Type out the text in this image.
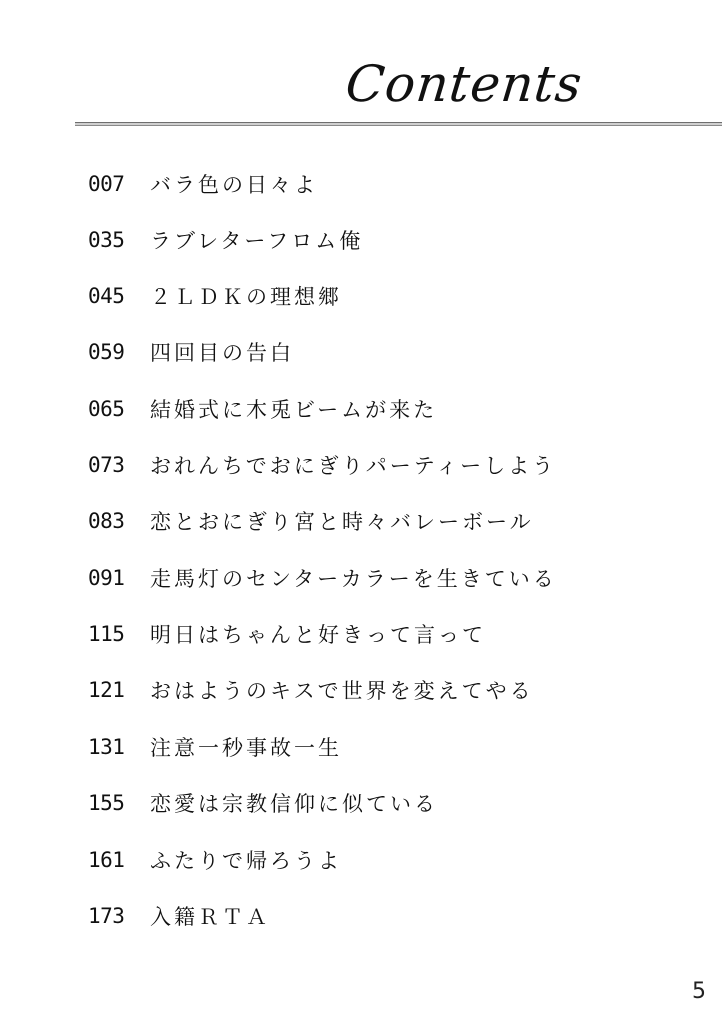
Contents
007	バラ色の日々よ
035	ラブレターフロム俺
045	２ＬＤＫの理想郷
059	四回目の告白
065	結婚式に木兎ビームが来た
073	おれんちでおにぎりパーティーしよう
083	恋とおにぎり宮と時々バレーボール
091	走馬灯のセンターカラーを生きている
115	明日はちゃんと好きって言って
121	おはようのキスで世界を変えてやる
131	注意一秒事故一生
155	恋愛は宗教信仰に似ている
161	ふたりで帰ろうよ
173	入籍ＲＴＡ
5
